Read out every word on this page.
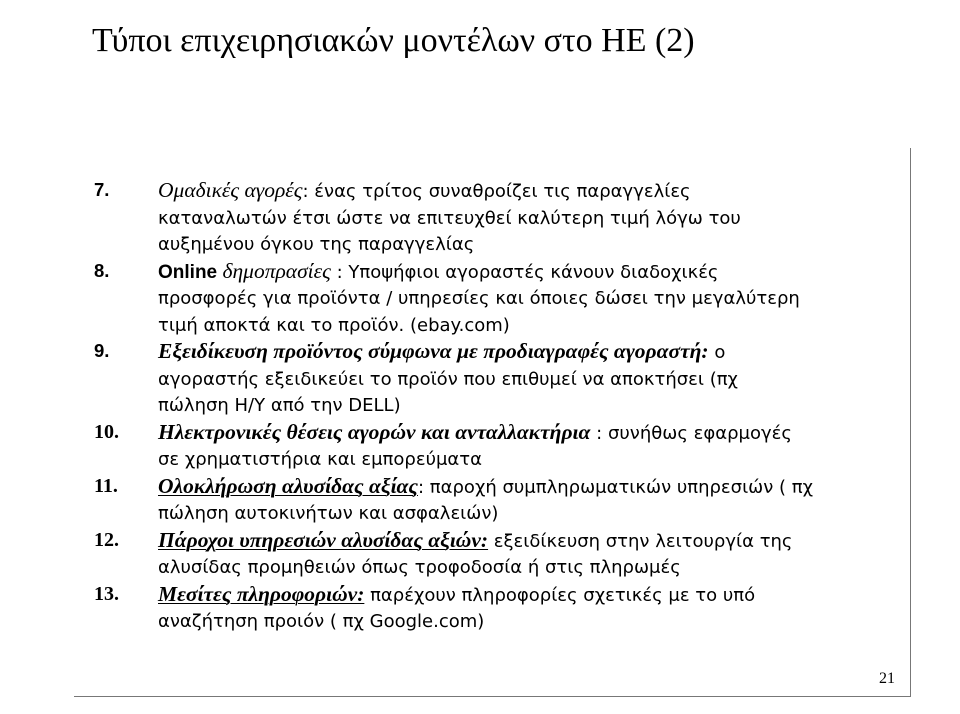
Τύποι επιχειρησιακών μοντέλων στο ΗΕ (2)
7. Ομαδικές αγορές: ένας τρίτος συναθροίζει τις παραγγελίες καταναλωτών έτσι ώστε να επιτευχθεί καλύτερη τιμή λόγω του αυξημένου όγκου της παραγγελίας
8.	Online δημοπρασίες : Υποψήφιοι αγοραστές κάνουν διαδοχικές προσφορές για προϊόντα / υπηρεσίες και όποιες δώσει την μεγαλύτερη τιμή αποκτά και το προϊόν. (ebay.com)
9. Εξειδίκευση προϊόντος σύμφωνα με προδιαγραφές αγοραστή: ο αγοραστής εξειδικεύει το προϊόν που επιθυμεί να αποκτήσει (πχ πώληση Η/Υ από την DELL)
10. Ηλεκτρονικές θέσεις αγορών και ανταλλακτήρια : συνήθως εφαρμογές σε χρηματιστήρια και εμπορεύματα
11. Ολοκλήρωση αλυσίδας αξίας: παροχή συμπληρωματικών υπηρεσιών ( πχ πώληση αυτοκινήτων και ασφαλειών)
12. Πάροχοι υπηρεσιών αλυσίδας αξιών: εξειδίκευση στην λειτουργία της αλυσίδας προμηθειών όπως τροφοδοσία ή στις πληρωμές
13. Μεσίτες πληροφοριών: παρέχουν πληροφορίες σχετικές με το υπό αναζήτηση προιόν ( πχ Google.com)
21
